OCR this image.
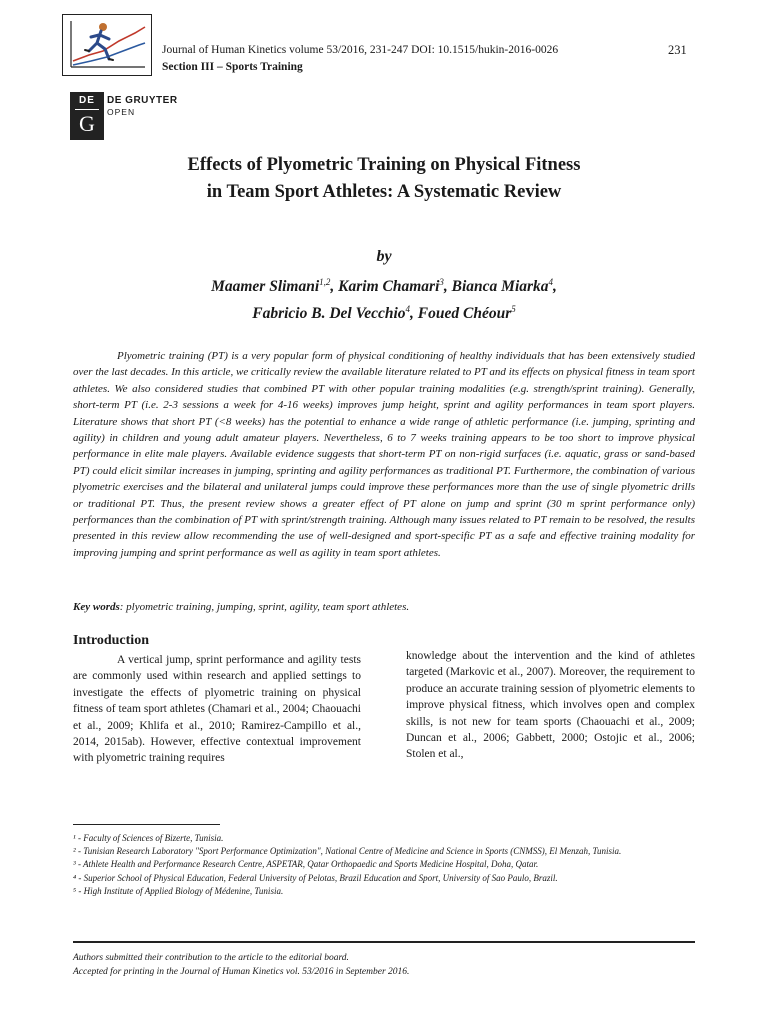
Journal of Human Kinetics volume 53/2016, 231-247 DOI: 10.1515/hukin-2016-0026	231
Section III – Sports Training
DE
G
DE GRUYTER
OPEN
Effects of Plyometric Training on Physical Fitness
in Team Sport Athletes: A Systematic Review
by
Maamer Slimani$^{1,2}$, Karim Chamari$^3$, Bianca Miarka$^4$,
Fabricio B. Del Vecchio$^4$, Foued Chéour$^5$
Plyometric training (PT) is a very popular form of physical conditioning of healthy individuals that has been extensively studied over the last decades. In this article, we critically review the available literature related to PT and its effects on physical fitness in team sport athletes. We also considered studies that combined PT with other popular training modalities (e.g. strength/sprint training). Generally, short-term PT (i.e. 2-3 sessions a week for 4-16 weeks) improves jump height, sprint and agility performances in team sport players. Literature shows that short PT (<8 weeks) has the potential to enhance a wide range of athletic performance (i.e. jumping, sprinting and agility) in children and young adult amateur players. Nevertheless, 6 to 7 weeks training appears to be too short to improve physical performance in elite male players. Available evidence suggests that short-term PT on non-rigid surfaces (i.e. aquatic, grass or sand-based PT) could elicit similar increases in jumping, sprinting and agility performances as traditional PT. Furthermore, the combination of various plyometric exercises and the bilateral and unilateral jumps could improve these performances more than the use of single plyometric drills or traditional PT. Thus, the present review shows a greater effect of PT alone on jump and sprint (30 m sprint performance only) performances than the combination of PT with sprint/strength training. Although many issues related to PT remain to be resolved, the results presented in this review allow recommending the use of well-designed and sport-specific PT as a safe and effective training modality for improving jumping and sprint performance as well as agility in team sport athletes.
Key words: plyometric training, jumping, sprint, agility, team sport athletes.
Introduction
A vertical jump, sprint performance and agility tests are commonly used within research and applied settings to investigate the effects of plyometric training on physical fitness of team sport athletes (Chamari et al., 2004; Chaouachi et al., 2009; Khlifa et al., 2010; Ramirez-Campillo et al., 2014, 2015ab). However, effective contextual improvement with plyometric training requires
knowledge about the intervention and the kind of athletes targeted (Markovic et al., 2007). Moreover, the requirement to produce an accurate training session of plyometric elements to improve physical fitness, which involves open and complex skills, is not new for team sports (Chaouachi et al., 2009; Duncan et al., 2006; Gabbett, 2000; Ostojic et al., 2006; Stolen et al.,
¹ - Faculty of Sciences of Bizerte, Tunisia.
² - Tunisian Research Laboratory "Sport Performance Optimization", National Centre of Medicine and Science in Sports (CNMSS), El Menzah, Tunisia.
³ - Athlete Health and Performance Research Centre, ASPETAR, Qatar Orthopaedic and Sports Medicine Hospital, Doha, Qatar.
⁴ - Superior School of Physical Education, Federal University of Pelotas, Brazil Education and Sport, University of Sao Paulo, Brazil.
⁵ - High Institute of Applied Biology of Médenine, Tunisia.
Authors submitted their contribution to the article to the editorial board.
Accepted for printing in the Journal of Human Kinetics vol. 53/2016 in September 2016.
